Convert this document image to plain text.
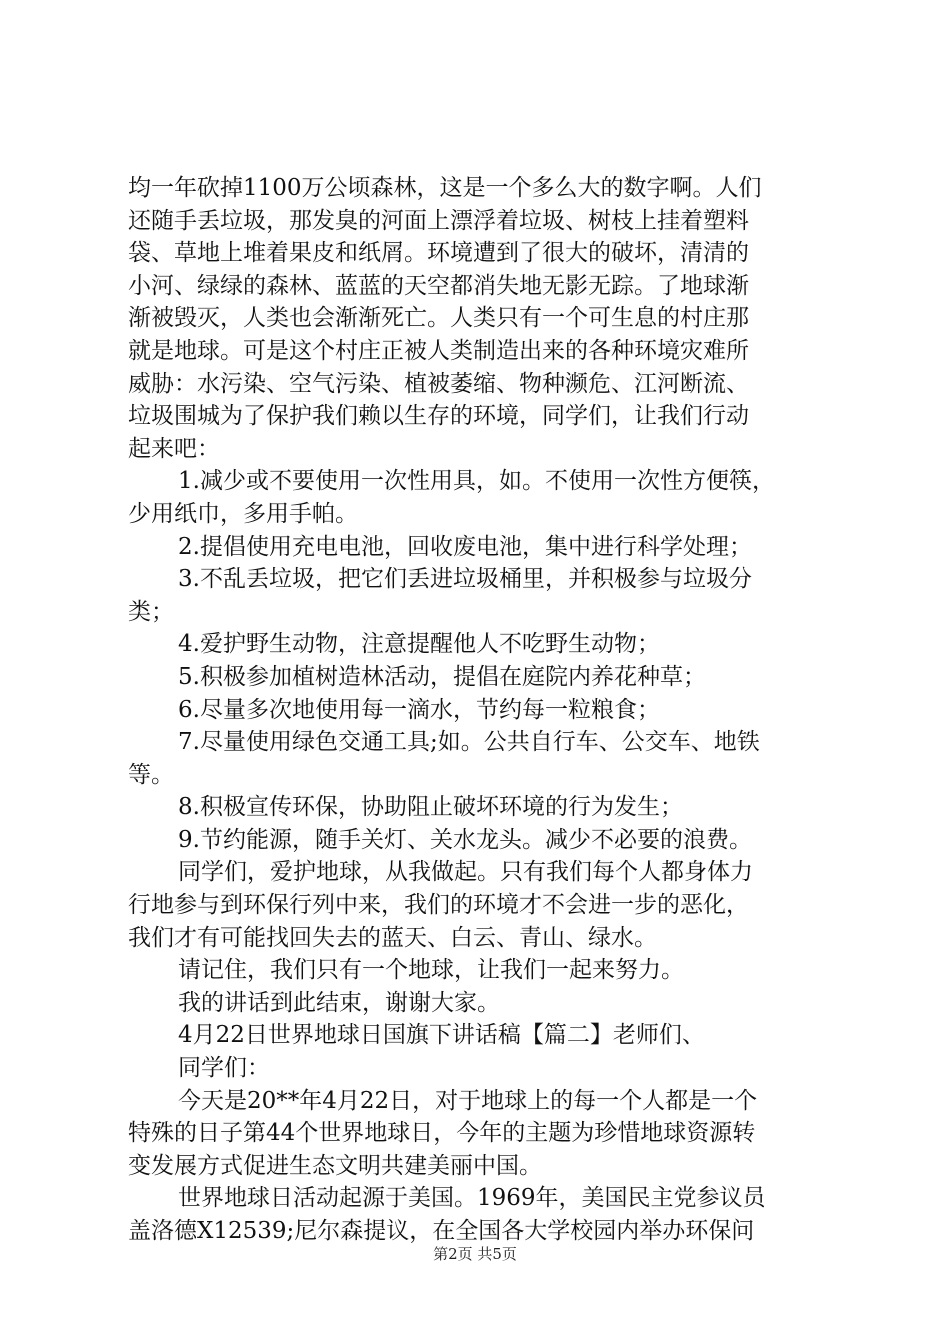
均一年砍掉1100万公顷森林，这是一个多么大的数字啊。人们
还随手丢垃圾，那发臭的河面上漂浮着垃圾、树枝上挂着塑料
袋、草地上堆着果皮和纸屑。环境遭到了很大的破坏，清清的
小河、绿绿的森林、蓝蓝的天空都消失地无影无踪。了地球渐
渐被毁灭，人类也会渐渐死亡。人类只有一个可生息的村庄那
就是地球。可是这个村庄正被人类制造出来的各种环境灾难所
威胁：水污染、空气污染、植被萎缩、物种濒危、江河断流、
垃圾围城为了保护我们赖以生存的环境，同学们，让我们行动
起来吧：
1.减少或不要使用一次性用具，如。不使用一次性方便筷，
少用纸巾，多用手帕。
2.提倡使用充电电池，回收废电池，集中进行科学处理；
3.不乱丢垃圾，把它们丢进垃圾桶里，并积极参与垃圾分
类；
4.爱护野生动物，注意提醒他人不吃野生动物；
5.积极参加植树造林活动，提倡在庭院内养花种草；
6.尽量多次地使用每一滴水，节约每一粒粮食；
7.尽量使用绿色交通工具;如。公共自行车、公交车、地铁
等。
8.积极宣传环保，协助阻止破坏环境的行为发生；
9.节约能源，随手关灯、关水龙头。减少不必要的浪费。
同学们，爱护地球，从我做起。只有我们每个人都身体力
行地参与到环保行列中来，我们的环境才不会进一步的恶化，
我们才有可能找回失去的蓝天、白云、青山、绿水。
请记住，我们只有一个地球，让我们一起来努力。
我的讲话到此结束，谢谢大家。
4月22日世界地球日国旗下讲话稿【篇二】老师们、
同学们：
今天是20**年4月22日，对于地球上的每一个人都是一个
特殊的日子第44个世界地球日，今年的主题为珍惜地球资源转
变发展方式促进生态文明共建美丽中国。
世界地球日活动起源于美国。1969年，美国民主党参议员
盖洛德X12539;尼尔森提议，在全国各大学校园内举办环保问
第2页 共5页
